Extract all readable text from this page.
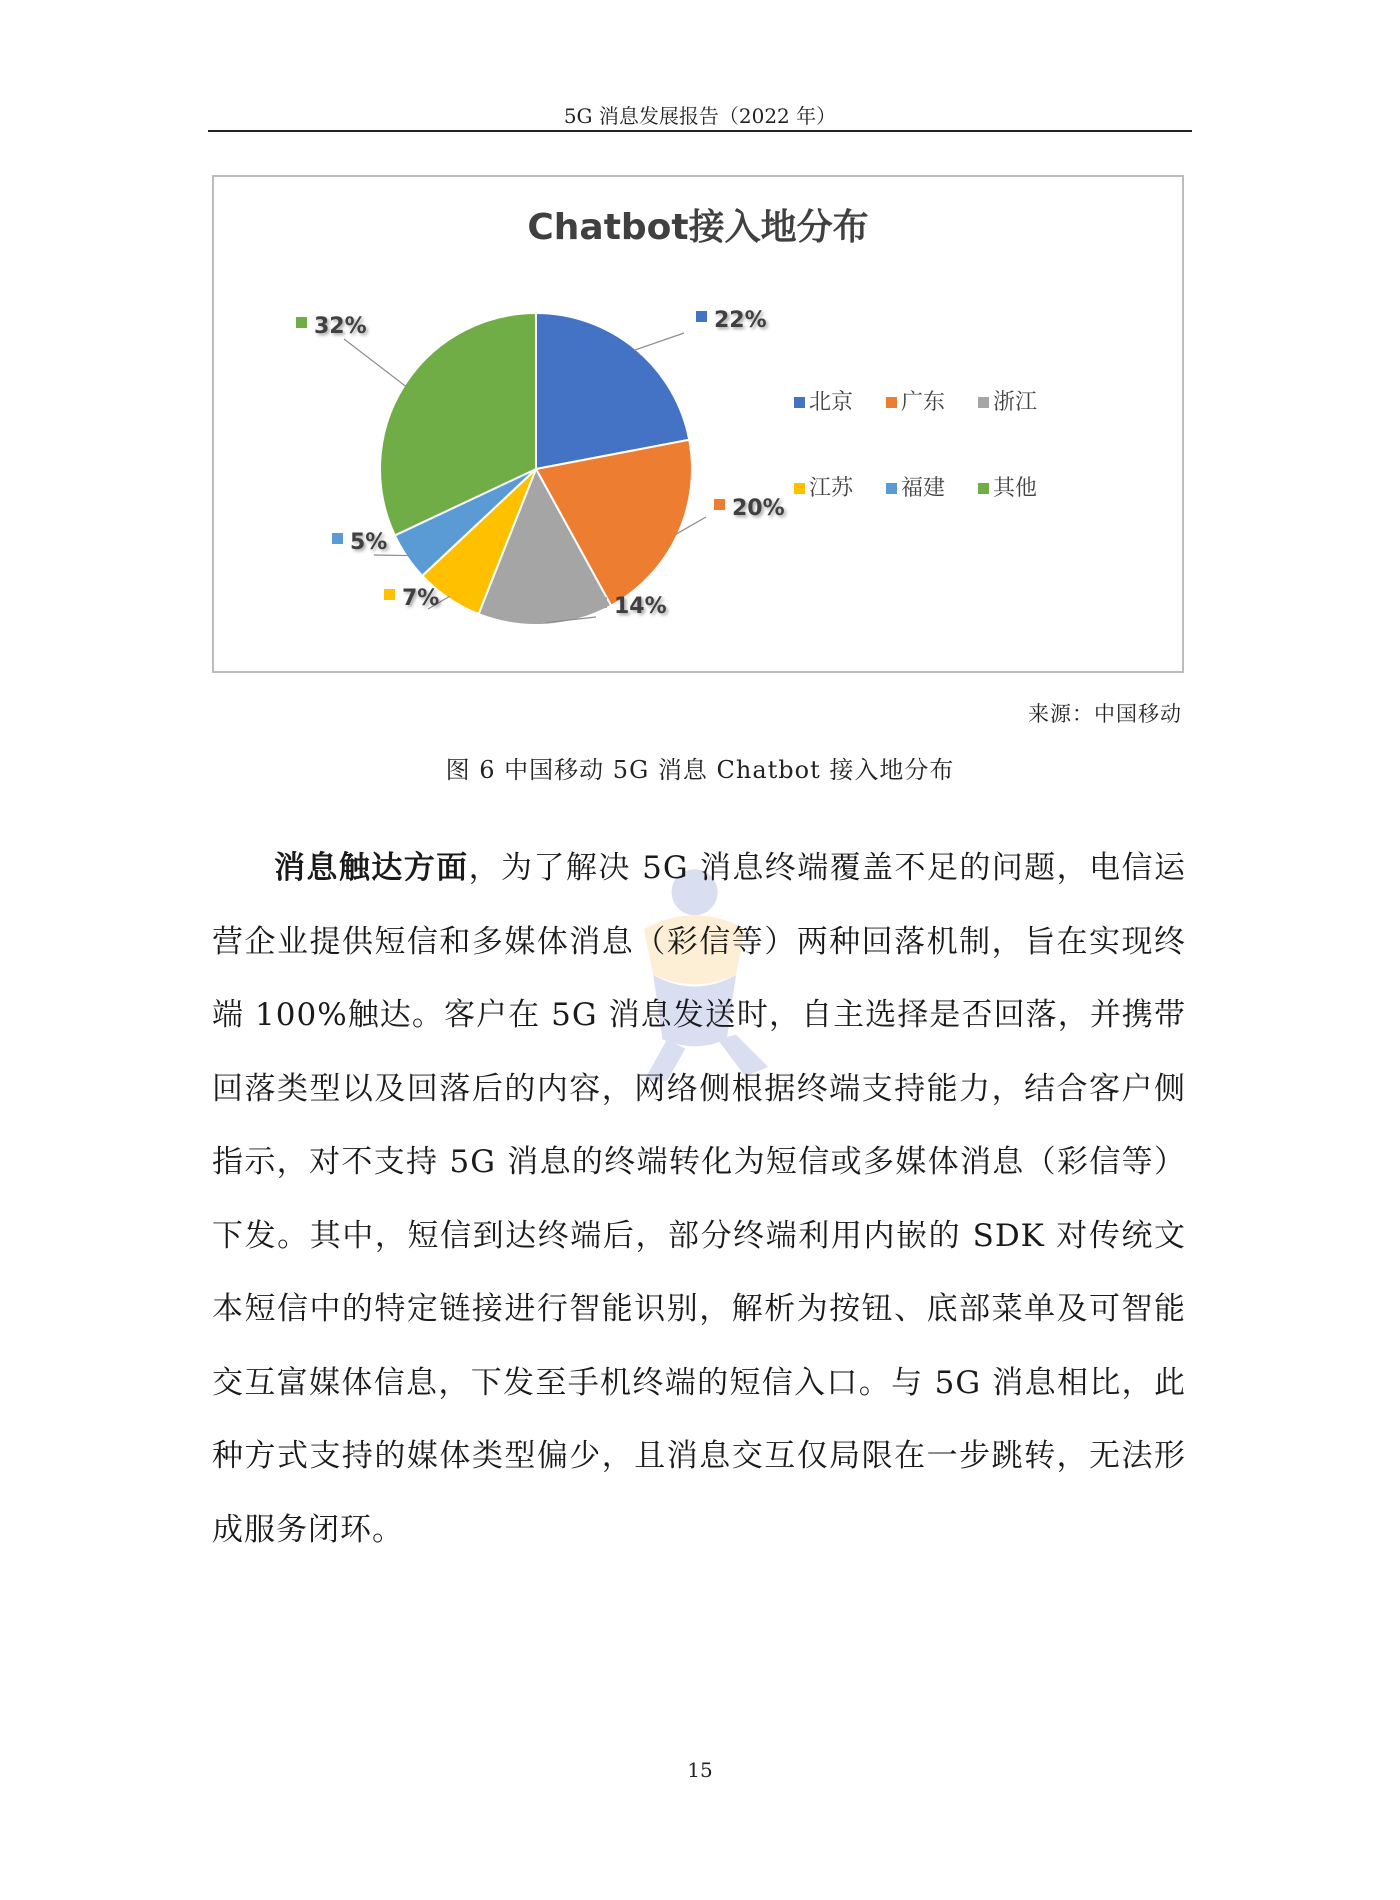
5G 消息发展报告（2022 年）
22%
20%
14%
7%
5%
32%
北京 广东 浙江
江苏 福建 其他
Chatbot接入地分布
来源：中国移动
图 6 中国移动 5G 消息 Chatbot 接入地分布

消息触达方面，为了解决 5G 消息终端覆盖不足的问题，电信运营企业提供短信和多媒体消息（彩信等）两种回落机制，旨在实现终端 100%触达。客户在 5G 消息发送时，自主选择是否回落，并携带回落类型以及回落后的内容，网络侧根据终端支持能力，结合客户侧指示，对不支持 5G 消息的终端转化为短信或多媒体消息（彩信等）下发。其中，短信到达终端后，部分终端利用内嵌的 SDK 对传统文本短信中的特定链接进行智能识别，解析为按钮、底部菜单及可智能交互富媒体信息，下发至手机终端的短信入口。与 5G 消息相比，此种方式支持的媒体类型偏少，且消息交互仅局限在一步跳转，无法形成服务闭环。

15
